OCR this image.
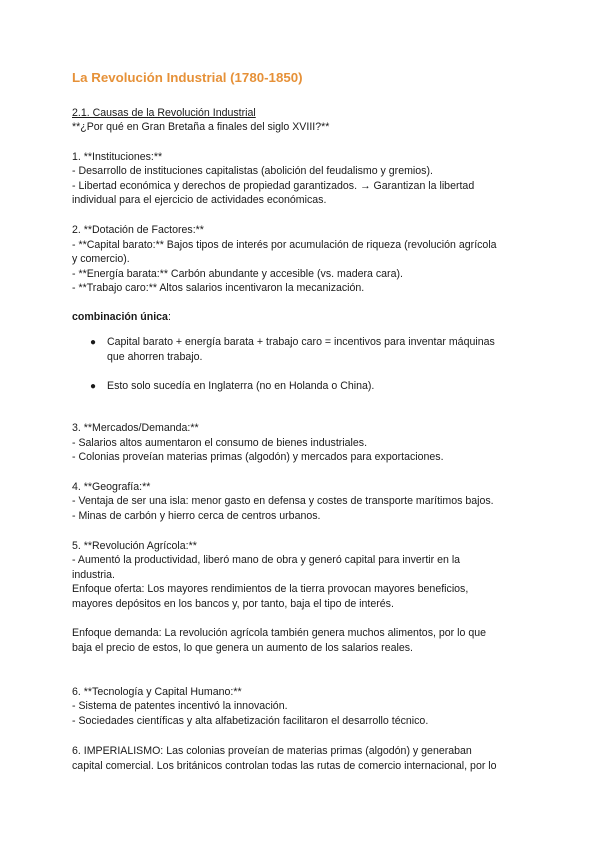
La Revolución Industrial (1780-1850)
2.1. Causas de la Revolución Industrial
**¿Por qué en Gran Bretaña a finales del siglo XVIII?**
1. **Instituciones:**
- Desarrollo de instituciones capitalistas (abolición del feudalismo y gremios).
- Libertad económica y derechos de propiedad garantizados. → Garantizan la libertad
individual para el ejercicio de actividades económicas.
2. **Dotación de Factores:**
- **Capital barato:** Bajos tipos de interés por acumulación de riqueza (revolución agrícola
y comercio).
- **Energía barata:** Carbón abundante y accesible (vs. madera cara).
- **Trabajo caro:** Altos salarios incentivaron la mecanización.
combinación única:
● Capital barato + energía barata + trabajo caro = incentivos para inventar máquinas
que ahorren trabajo.
● Esto solo sucedía en Inglaterra (no en Holanda o China).
3. **Mercados/Demanda:**
- Salarios altos aumentaron el consumo de bienes industriales.
- Colonias proveían materias primas (algodón) y mercados para exportaciones.
4. **Geografía:**
- Ventaja de ser una isla: menor gasto en defensa y costes de transporte marítimos bajos.
- Minas de carbón y hierro cerca de centros urbanos.
5. **Revolución Agrícola:**
- Aumentó la productividad, liberó mano de obra y generó capital para invertir en la
industria.
Enfoque oferta: Los mayores rendimientos de la tierra provocan mayores beneficios,
mayores depósitos en los bancos y, por tanto, baja el tipo de interés.
Enfoque demanda: La revolución agrícola también genera muchos alimentos, por lo que
baja el precio de estos, lo que genera un aumento de los salarios reales.
6. **Tecnología y Capital Humano:**
- Sistema de patentes incentivó la innovación.
- Sociedades científicas y alta alfabetización facilitaron el desarrollo técnico.
6. IMPERIALISMO: Las colonias proveían de materias primas (algodón) y generaban
capital comercial. Los británicos controlan todas las rutas de comercio internacional, por lo
